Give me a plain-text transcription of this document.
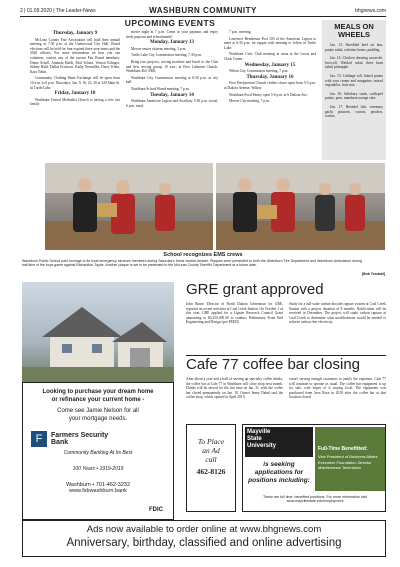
2 | 01.09.2020 | The Leader-News	WASHBURN COMMUNITY	bhgnews.com
UPCOMING EVENTS
Thursday, January 9

McLean County Fair Association will hold their annual meeting at 7:30 p.m. at the Underwood City Hall. Board elections will be held for four expired three-year terms and the 2020 officers. For more information on how you can volunteer, contact any of the current Fair Board members: Diane Schell, Amanda Hardt, Paul Schatz, Vernon Kilinger, Sidney Buhl, Dallas Erickson, Kathy Neumiller, Darcy Klein, Kara Tobin.

Community Clothing Share Exchange will be open from 10 a.m. to 6 p.m. Thursdays, Jan. 9, 16, 23, 30 at 320 Main St. in Turtle Lake.

Friday, January 10

Washburn United Methodist Church is having a free fun family

movie night at 7 p.m. Come in your pajamas and enjoy fresh popcorn and refreshments!

Monday, January 13

Mercer senior citizens meeting, 2 p.m.

Turtle Lake City Commission meeting, 7:30 p.m.

Bring root projects, sewing machine and lunch to the Chat and Sew sewing group, 10 a.m., at First Lutheran Church, Washburn 462-3366.

Washburn City Commission meeting at 6:30 p.m. at city hall.

Washburn School Board meeting, 7 p.m.

Tuesday, January 14

Washburn American Legion and Auxiliary 5:30 p.m. social, 6 p.m. meal,

7 p.m. meeting.

Lawrence Henderson Post 103 of the American Legion to meet at 6:30 p.m. for supper with meeting to follow in Turtle Lake.

Washburn Civic Club meeting at noon at the Lewis and Clark Center.

Wednesday, January 15

Wilton City Commission meeting, 7 p.m.

Thursday, January 16

First Presbyterian Church clothes closet open from 3-5 p.m. at Dakota Avenue, Wilton.

Washburn Food Pantry open 5-6 p.m. at 6 Dakota Ave.

Mercer City meeting, 7 p.m.

MEALS ON WHEELS

Jan. 13: Shredded beef on bun, potato salad, coleslaw beans, pudding.

Jan. 14: Chicken dressing casserole, broccoli, Waldorf salad, three bean salad, pineapple.

Jan. 15: Cabbage roll, baked potato with sour cream and margarine, mixed vegetables, fruit mix.

Jan. 16: Salisbury steak, scalloped potato, peas, mandarin orange cake.

Jan. 17: Breaded fish, rosemary garlic potatoes, carrots, peaches, cookie.

School recognizes EMS crews
Washburn Public School paid homage to its local emergency services members during Saturday's home double-header. Plaques were presented to both the Washburn Fire Department and Washburn Ambulance during half time of the boys game against Richardton-Taylor. Another plaque is set to be presented to the McLean County Sheriff's Department at a future date.
[Bob Tesdahl]
Looking to purchase your dream home
or refinance your current home -
Come see Jamie Nelson for all
your mortgage needs.
F	Farmers Security
Bank
Community Banking At Its Best
100 Years • 1919-2019
Washburn • 701-462-3232
www.fsbwashburn.bank
FDIC
GRE grant approved
John Bauer, Director of North Dakota Generation for GRE, reported on recent activities at Coal Creek Station. On October 1 of this year, GRE applied for a Lignite Research Council Grant amounting to $4,250,000.00 to conduct Preliminary Front End Engineering and Design (pre-FEED)
Study for a full-scale carbon dioxide capture system at Coal Creek Station with a project duration of 8 months. Notification will be received in December. The project will study carbon capture at Coal Creek to determine what modifications would be needed to achieve carbon free electricity.
Cafe 77 coffee bar closing
After about a year and a half of serving up specialty coffee drinks, the coffee bar at Cafe 77 in Washburn will close shop next month. Drinks will be served for the last time on Jan. 31, with the coffee bar closed permanently on Jan. 10. Owner Jenny Dahnl said the coffee shop, which opened in April 2019,
wasn't serving enough customers to justify the expenses. Cafe 77 will continue to operate as usual. The coffee bar equipment is up for sale, with hopes of it staying local. The equipment was purchased from Java Rose in 2018 after the coffee bar at that location closed.
To Place
an Ad
call
462-8126
Mayville
State
University
is seeking
applications for
positions including:
Full-Time Benefitted:
Vice President of Business Affairs
Executive Foundation Director
Maintenance Technician
These are full time, benefited positions. For more information visit www.mayvillestate.edu/employment
Ads now available to order online at www.bhgnews.com
Anniversary, birthday, classified and online advertising
